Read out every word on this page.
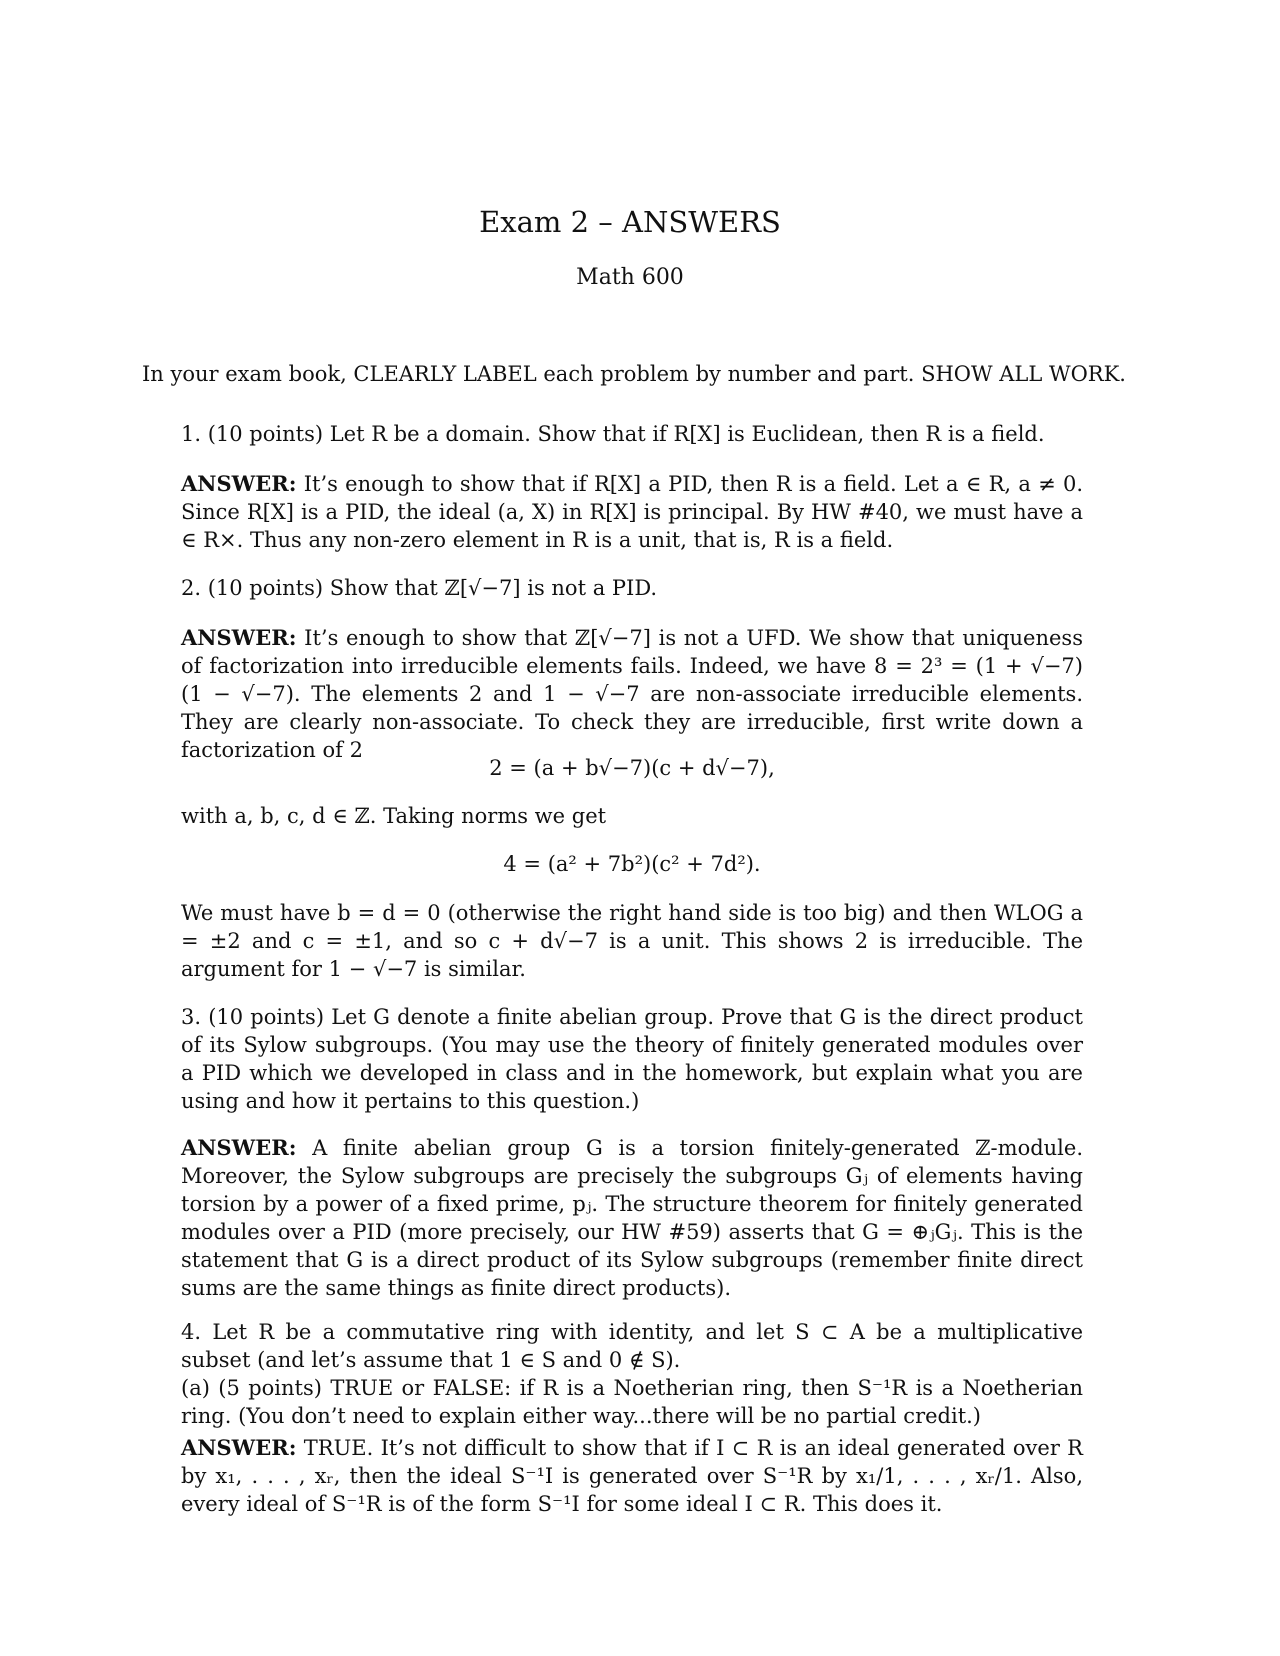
Exam 2 – ANSWERS
Math 600
In your exam book, CLEARLY LABEL each problem by number and part. SHOW ALL WORK.

1. (10 points) Let R be a domain. Show that if R[X] is Euclidean, then R is a field.

ANSWER: It’s enough to show that if R[X] a PID, then R is a field. Let a ∈ R, a ≠ 0. Since R[X] is a PID, the ideal (a, X) in R[X] is principal. By HW #40, we must have a ∈ R×. Thus any non-zero element in R is a unit, that is, R is a field.

2. (10 points) Show that ℤ[√−7] is not a PID.

ANSWER: It’s enough to show that ℤ[√−7] is not a UFD. We show that uniqueness of factorization into irreducible elements fails. Indeed, we have 8 = 2³ = (1 + √−7)(1 − √−7). The elements 2 and 1 − √−7 are non-associate irreducible elements. They are clearly non-associate. To check they are irreducible, first write down a factorization of 2

2 = (a + b√−7)(c + d√−7),
with a, b, c, d ∈ ℤ. Taking norms we get
4 = (a² + 7b²)(c² + 7d²).
We must have b = d = 0 (otherwise the right hand side is too big) and then WLOG a = ±2 and c = ±1, and so c + d√−7 is a unit. This shows 2 is irreducible. The argument for 1 − √−7 is similar.

3. (10 points) Let G denote a finite abelian group. Prove that G is the direct product of its Sylow subgroups. (You may use the theory of finitely generated modules over a PID which we developed in class and in the homework, but explain what you are using and how it pertains to this question.)

ANSWER: A finite abelian group G is a torsion finitely-generated ℤ-module. Moreover, the Sylow subgroups are precisely the subgroups Gⱼ of elements having torsion by a power of a fixed prime, pⱼ. The structure theorem for finitely generated modules over a PID (more precisely, our HW #59) asserts that G = ⊕ⱼGⱼ. This is the statement that G is a direct product of its Sylow subgroups (remember finite direct sums are the same things as finite direct products).

4. Let R be a commutative ring with identity, and let S ⊂ A be a multiplicative subset (and let’s assume that 1 ∈ S and 0 ∉ S).

(a) (5 points) TRUE or FALSE: if R is a Noetherian ring, then S⁻¹R is a Noetherian ring. (You don’t need to explain either way...there will be no partial credit.)

ANSWER: TRUE. It’s not difficult to show that if I ⊂ R is an ideal generated over R by x₁, . . . , xᵣ, then the ideal S⁻¹I is generated over S⁻¹R by x₁/1, . . . , xᵣ/1. Also, every ideal of S⁻¹R is of the form S⁻¹I for some ideal I ⊂ R. This does it.
